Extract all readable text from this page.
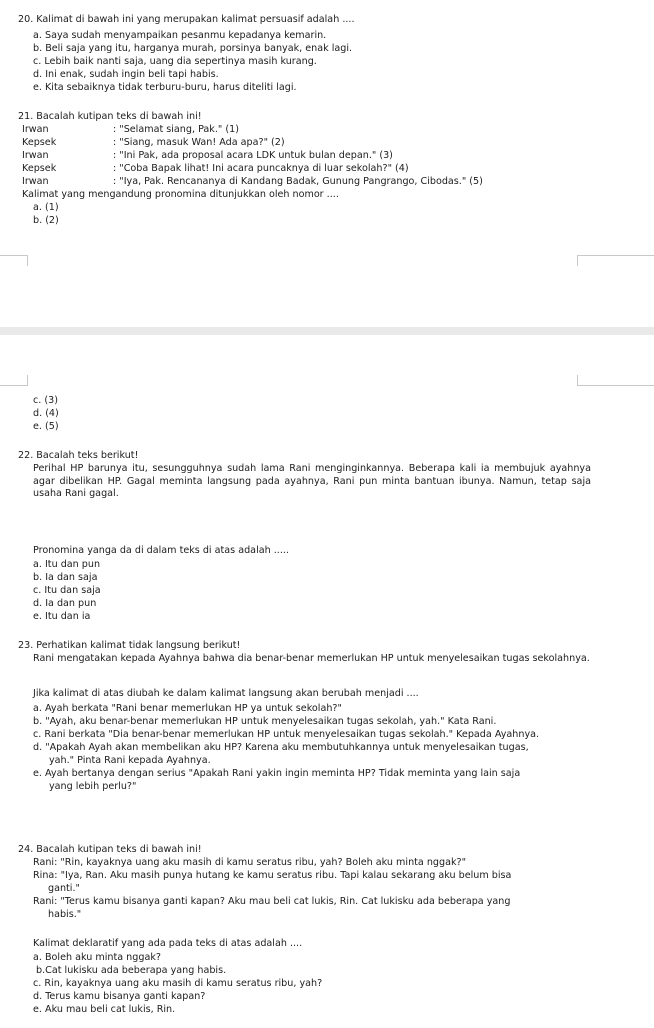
20. Kalimat di bawah ini yang merupakan kalimat persuasif adalah ....
a. Saya sudah menyampaikan pesanmu kepadanya kemarin.
b. Beli saja yang itu, harganya murah, porsinya banyak, enak lagi.
c. Lebih baik nanti saja, uang dia sepertinya masih kurang.
d. Ini enak, sudah ingin beli tapi habis.
e. Kita sebaiknya tidak terburu-buru, harus diteliti lagi.
21. Bacalah kutipan teks di bawah ini!
Irwan	: "Selamat siang, Pak." (1)
Kepsek	: "Siang, masuk Wan! Ada apa?" (2)
Irwan	: "Ini Pak, ada proposal acara LDK untuk bulan depan." (3)
Kepsek	: "Coba Bapak lihat! Ini acara puncaknya di luar sekolah?" (4)
Irwan	: "Iya, Pak. Rencananya di Kandang Badak, Gunung Pangrango, Cibodas." (5)
Kalimat yang mengandung pronomina ditunjukkan oleh nomor ....
a. (1)
b. (2)
c. (3)
d. (4)
e. (5)
22. Bacalah teks berikut!
Perihal HP barunya itu, sesungguhnya sudah lama Rani menginginkannya. Beberapa kali ia membujuk ayahnya agar dibelikan HP. Gagal meminta langsung pada ayahnya, Rani pun minta bantuan ibunya. Namun, tetap saja usaha Rani gagal.
Pronomina yanga da di dalam teks di atas adalah .....
a. Itu dan pun
b. Ia dan saja
c. Itu dan saja
d. Ia dan pun
e. Itu dan ia
23. Perhatikan kalimat tidak langsung berikut!
Rani mengatakan kepada Ayahnya bahwa dia benar-benar memerlukan HP untuk menyelesaikan tugas sekolahnya.
Jika kalimat di atas diubah ke dalam kalimat langsung akan berubah menjadi ....
a. Ayah berkata "Rani benar memerlukan HP ya untuk sekolah?"
b. "Ayah, aku benar-benar memerlukan HP untuk menyelesaikan tugas sekolah, yah." Kata Rani.
c. Rani berkata "Dia benar-benar memerlukan HP untuk menyelesaikan tugas sekolah." Kepada Ayahnya.
d. "Apakah Ayah akan membelikan aku HP? Karena aku membutuhkannya untuk menyelesaikan tugas,
yah." Pinta Rani kepada Ayahnya.
e. Ayah bertanya dengan serius "Apakah Rani yakin ingin meminta HP? Tidak meminta yang lain saja
yang lebih perlu?"
24. Bacalah kutipan teks di bawah ini!
Rani: "Rin, kayaknya uang aku masih di kamu seratus ribu, yah? Boleh aku minta nggak?"
Rina: "Iya, Ran. Aku masih punya hutang ke kamu seratus ribu. Tapi kalau sekarang aku belum bisa
ganti."
Rani: "Terus kamu bisanya ganti kapan? Aku mau beli cat lukis, Rin. Cat lukisku ada beberapa yang
habis."
Kalimat deklaratif yang ada pada teks di atas adalah ....
a. Boleh aku minta nggak?
b.Cat lukisku ada beberapa yang habis.
c. Rin, kayaknya uang aku masih di kamu seratus ribu, yah?
d. Terus kamu bisanya ganti kapan?
e. Aku mau beli cat lukis, Rin.
